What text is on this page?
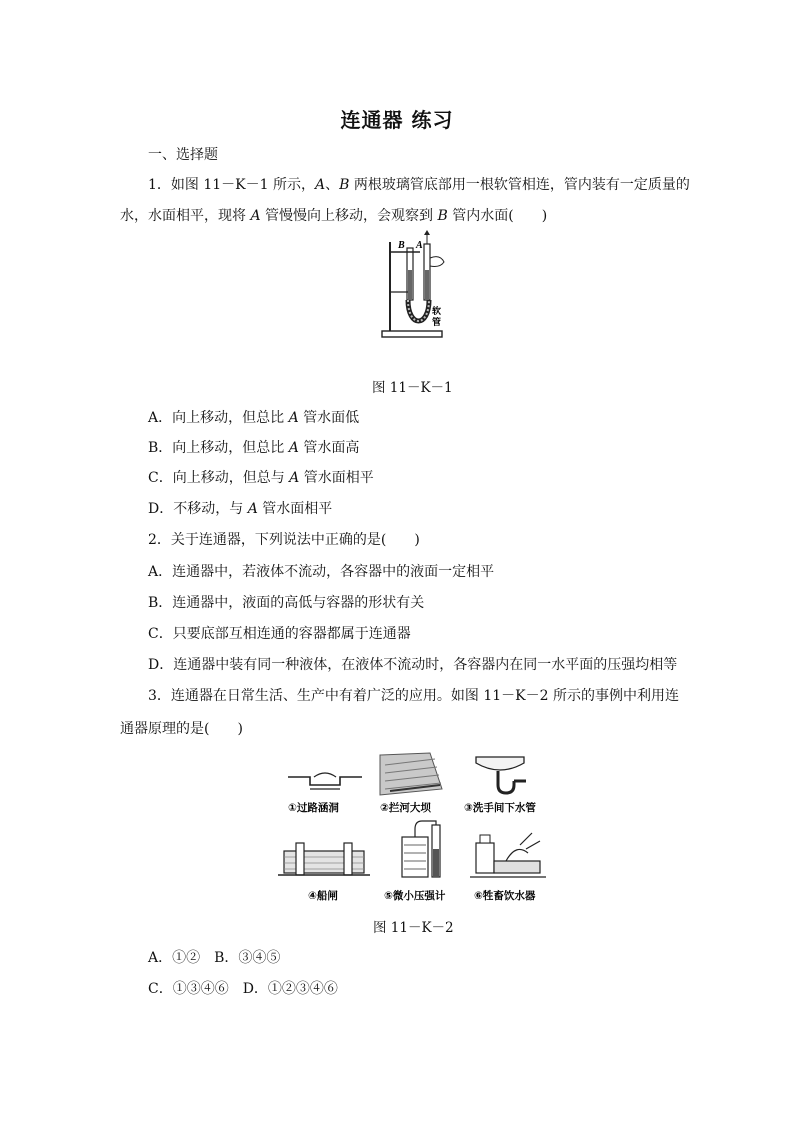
连通器 练习
一、选择题
1．如图 11－K－1 所示，A、B 两根玻璃管底部用一根软管相连，管内装有一定质量的
水，水面相平，现将 A 管慢慢向上移动，会观察到 B 管内水面(　　)
B A
软
管
图 11－K－1
A．向上移动，但总比 A 管水面低
B．向上移动，但总比 A 管水面高
C．向上移动，但总与 A 管水面相平
D．不移动，与 A 管水面相平
2．关于连通器，下列说法中正确的是(　　)
A．连通器中，若液体不流动，各容器中的液面一定相平
B．连通器中，液面的高低与容器的形状有关
C．只要底部互相连通的容器都属于连通器
D．连通器中装有同一种液体，在液体不流动时，各容器内在同一水平面的压强均相等
3．连通器在日常生活、生产中有着广泛的应用。如图 11－K－2 所示的事例中利用连
通器原理的是(　　)
①过路涵洞	②拦河大坝	③洗手间下水管
④船闸	⑤微小压强计	⑥牲畜饮水器
图 11－K－2
A．①②　B．③④⑤
C．①③④⑥　D．①②③④⑥
